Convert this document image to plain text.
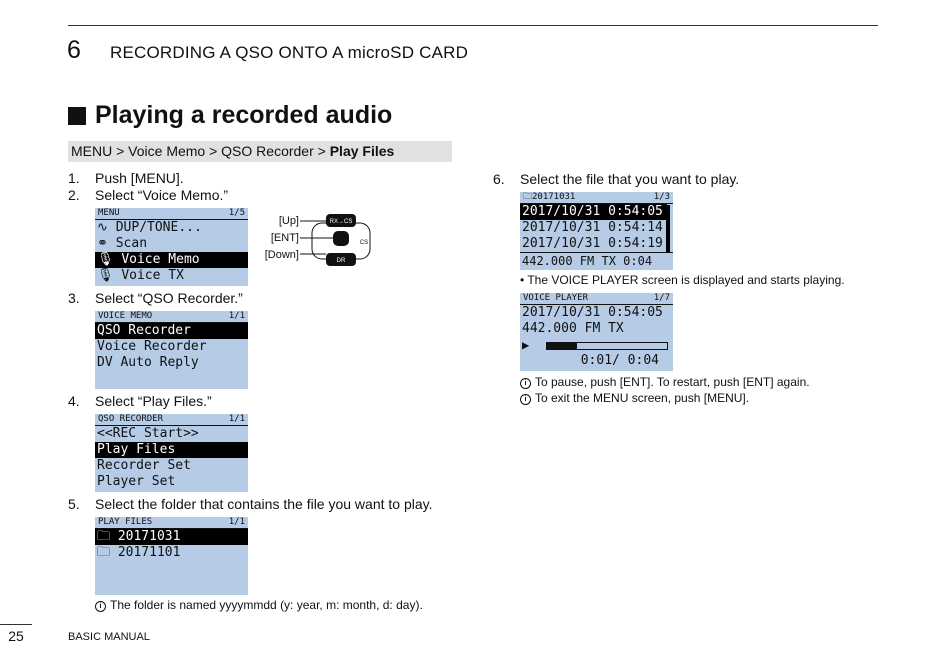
6 RECORDING A QSO ONTO A microSD CARD
Playing a recorded audio
MENU > Voice Memo > QSO Recorder > Play Files
1. Push [MENU].
2. Select “Voice Memo.”
MENU	1/5
∿ DUP/TONE...
⚭ Scan
🎙 Voice Memo
🎙 Voice TX
[Up]
[ENT]
[Down]
RX→CS
DR
CS
3. Select “QSO Recorder.”
VOICE MEMO	1/1
QSO Recorder
Voice Recorder
DV Auto Reply
4. Select “Play Files.”
QSO RECORDER	1/1
<<REC Start>>
Play Files
Recorder Set
Player Set
5. Select the folder that contains the file you want to play.
PLAY FILES	1/1
🗀 20171031
🗀 20171101
i The folder is named yyyymmdd (y: year, m: month, d: day).
6. Select the file that you want to play.
🗀20171031	1/3
2017/10/31 0:54:05
2017/10/31 0:54:14
2017/10/31 0:54:19
442.000 FM TX 0:04
• The VOICE PLAYER screen is displayed and starts playing.
VOICE PLAYER	1/7
2017/10/31 0:54:05
442.000 FM TX
▶
0:01/ 0:04
i To pause, push [ENT]. To restart, push [ENT] again.
i To exit the MENU screen, push [MENU].
25	BASIC MANUAL
